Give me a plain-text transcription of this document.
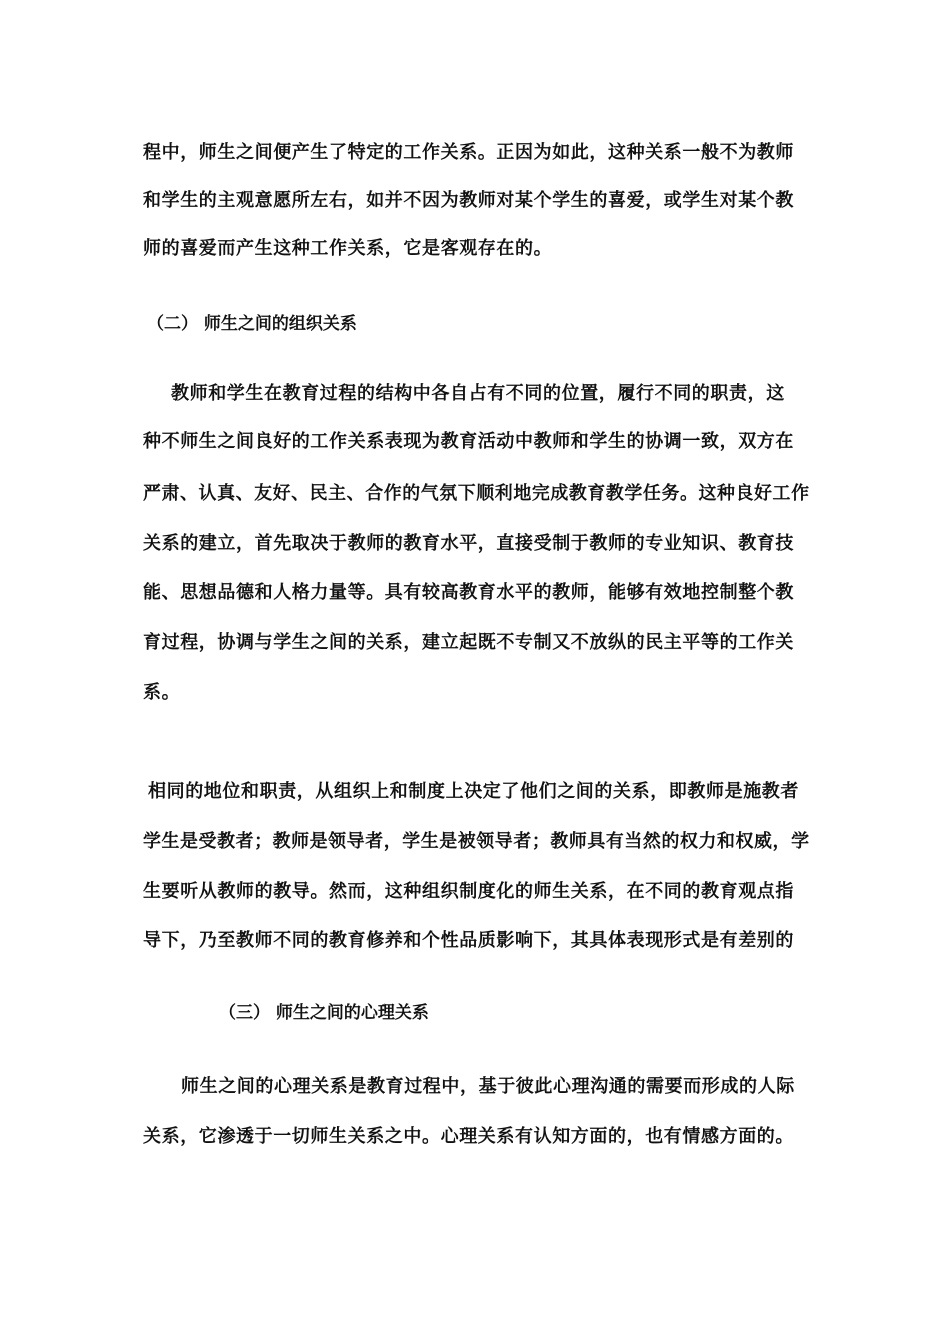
程中，师生之间便产生了特定的工作关系。正因为如此，这种关系一般不为教师
和学生的主观意愿所左右，如并不因为教师对某个学生的喜爱，或学生对某个教
师的喜爱而产生这种工作关系，它是客观存在的。
（二） 师生之间的组织关系
教师和学生在教育过程的结构中各自占有不同的位置，履行不同的职责，这
种不师生之间良好的工作关系表现为教育活动中教师和学生的协调一致，双方在
严肃、认真、友好、民主、合作的气氛下顺利地完成教育教学任务。这种良好工作
关系的建立，首先取决于教师的教育水平，直接受制于教师的专业知识、教育技
能、思想品德和人格力量等。具有较高教育水平的教师，能够有效地控制整个教
育过程，协调与学生之间的关系，建立起既不专制又不放纵的民主平等的工作关
系。
相同的地位和职责，从组织上和制度上决定了他们之间的关系，即教师是施教者
学生是受教者；教师是领导者，学生是被领导者；教师具有当然的权力和权威，学
生要听从教师的教导。然而，这种组织制度化的师生关系，在不同的教育观点指
导下，乃至教师不同的教育修养和个性品质影响下，其具体表现形式是有差别的
（三） 师生之间的心理关系
师生之间的心理关系是教育过程中，基于彼此心理沟通的需要而形成的人际
关系，它渗透于一切师生关系之中。心理关系有认知方面的，也有情感方面的。
